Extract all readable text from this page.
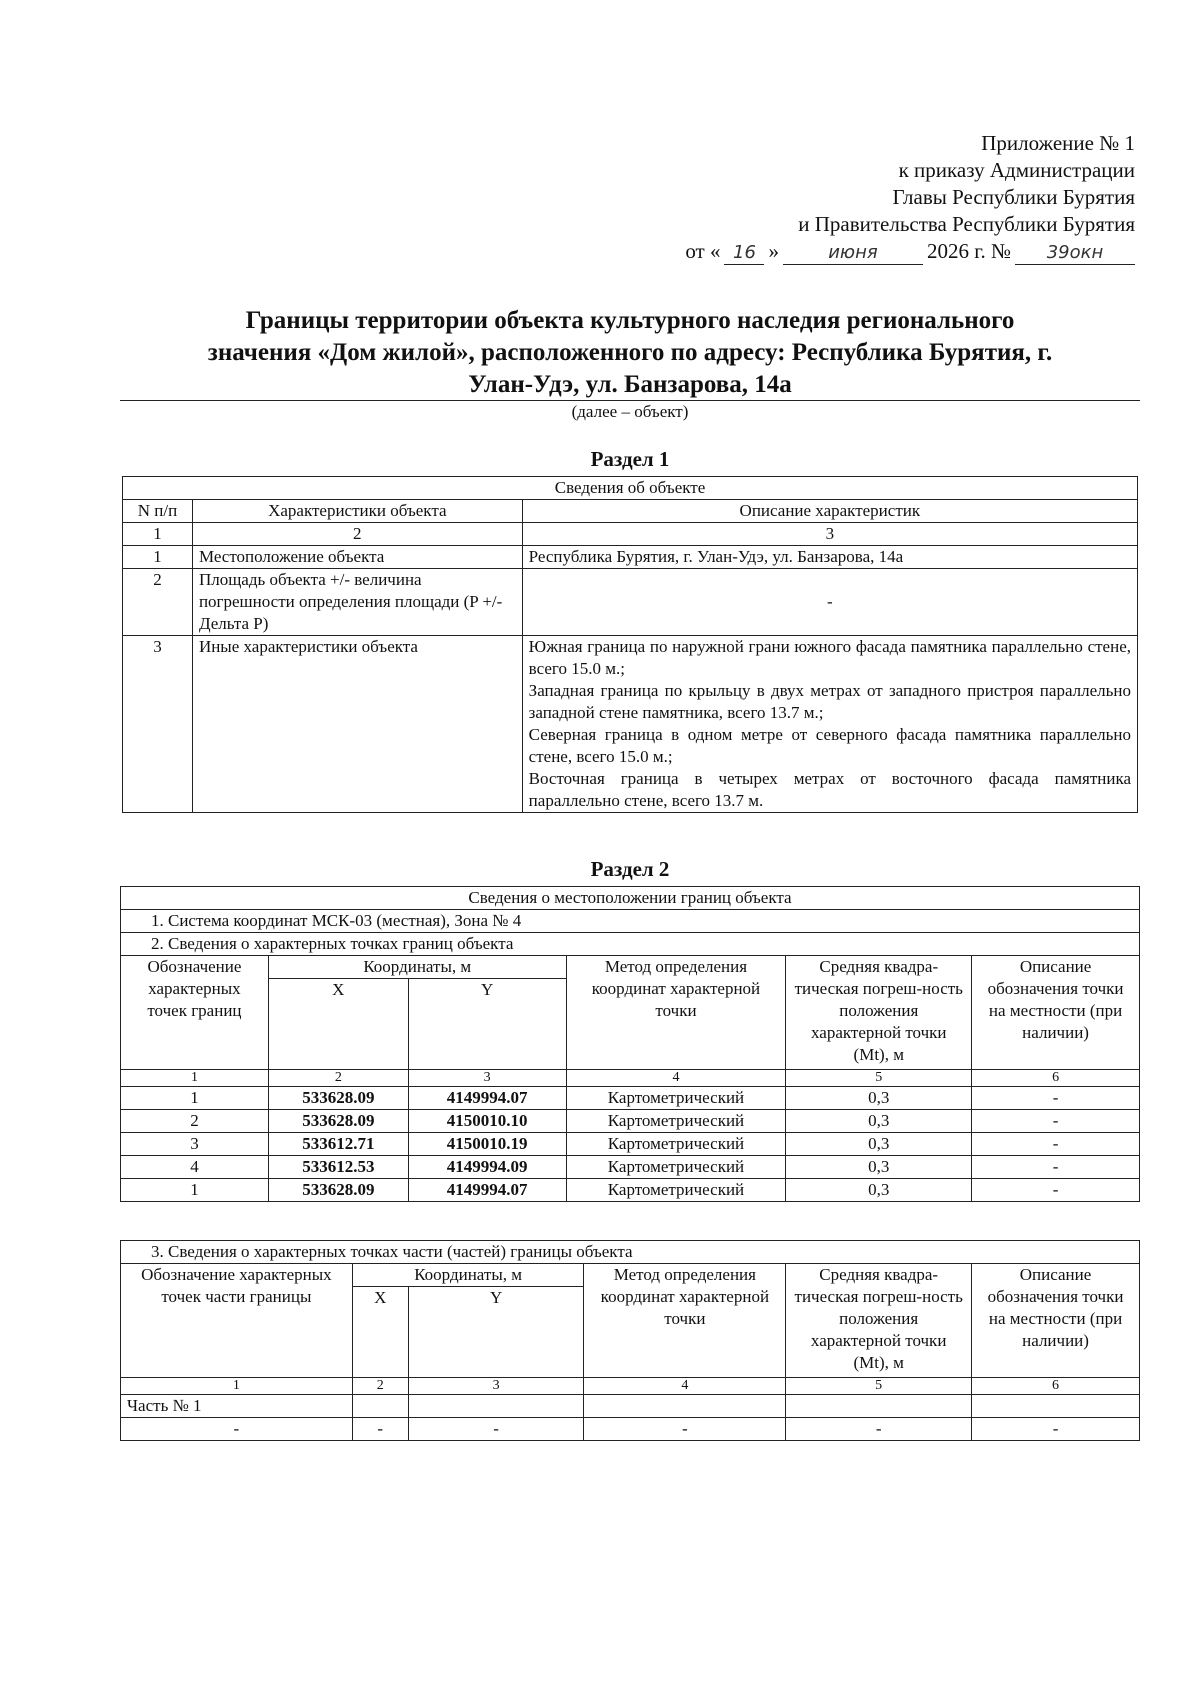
Приложение № 1
к приказу Администрации
Главы Республики Бурятия
и Правительства Республики Бурятия
от « 16 »	июня	2026 г. №	39окн
Границы территории объекта культурного наследия регионального
значения «Дом жилой», расположенного по адресу: Республика Бурятия, г.
Улан-Удэ, ул. Банзарова, 14а
(далее – объект)
Раздел 1
Сведения об объекте		
N п/п	Характеристики объекта	Описание характеристик
1	2	3
1	Местоположение объекта	Республика Бурятия, г. Улан-Удэ, ул. Банзарова, 14а
2	Площадь объекта +/- величина погрешности определения площади (P +/- Дельта P)	-
3	Иные характеристики объекта	Южная граница по наружной грани южного фасада памятника параллельно стене, всего 15.0 м.;
Западная граница по крыльцу в двух метрах от западного пристроя параллельно западной стене памятника, всего 13.7 м.;
Северная граница в одном метре от северного фасада памятника параллельно стене, всего 15.0 м.;
Восточная граница в четырех метрах от восточного фасада памятника параллельно стене, всего 13.7 м.
Раздел 2
Сведения о местоположении границ объекта					
1. Система координат МСК-03 (местная), Зона № 4					
2. Сведения о характерных точках границ объекта					
Обозначение характерных точек границ	Координаты, м		Метод определения координат характерной точки	Средняя квадра-тическая погреш-ность положения характерной точки (Mt), м	Описание обозначения точки на местности (при наличии)
	X	Y			
1	2	3	4	5	6
1	533628.09	4149994.07	Картометрический	0,3	-
2	533628.09	4150010.10	Картометрический	0,3	-
3	533612.71	4150010.19	Картометрический	0,3	-
4	533612.53	4149994.09	Картометрический	0,3	-
1	533628.09	4149994.07	Картометрический	0,3	-
3. Сведения о характерных точках части (частей) границы объекта					
Обозначение характерных точек части границы	Координаты, м		Метод определения координат характерной точки	Средняя квадра-тическая погреш-ность положения характерной точки (Mt), м	Описание обозначения точки на местности (при наличии)
	X	Y			
1	2	3	4	5	6
Часть № 1					
-	-	-	-	-	-
